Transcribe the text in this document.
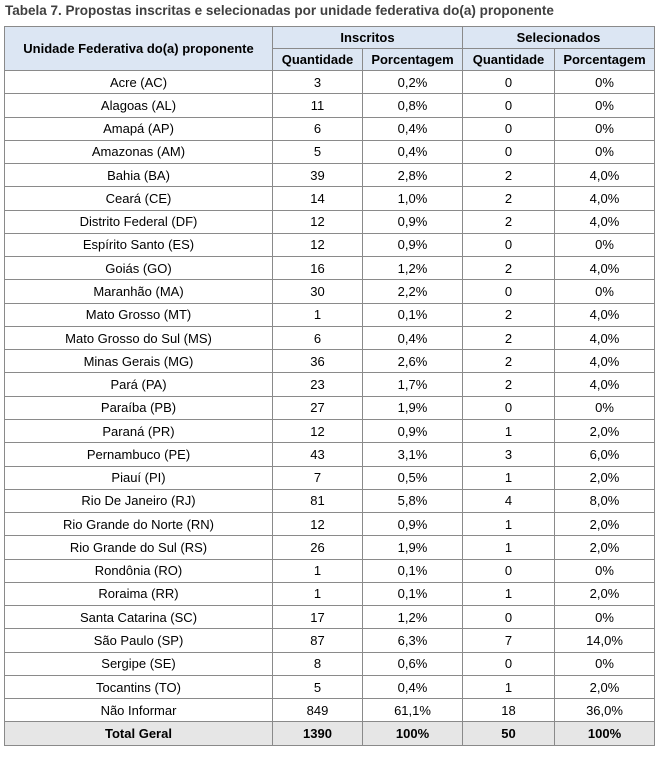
Tabela 7. Propostas inscritas e selecionadas por unidade federativa do(a) proponente
Unidade Federativa do(a) proponente	Inscritos		Selecionados	
	Quantidade	Porcentagem	Quantidade	Porcentagem
Acre (AC)	3	0,2%	0	0%
Alagoas (AL)	11	0,8%	0	0%
Amapá (AP)	6	0,4%	0	0%
Amazonas (AM)	5	0,4%	0	0%
Bahia (BA)	39	2,8%	2	4,0%
Ceará (CE)	14	1,0%	2	4,0%
Distrito Federal (DF)	12	0,9%	2	4,0%
Espírito Santo (ES)	12	0,9%	0	0%
Goiás (GO)	16	1,2%	2	4,0%
Maranhão (MA)	30	2,2%	0	0%
Mato Grosso (MT)	1	0,1%	2	4,0%
Mato Grosso do Sul (MS)	6	0,4%	2	4,0%
Minas Gerais (MG)	36	2,6%	2	4,0%
Pará (PA)	23	1,7%	2	4,0%
Paraíba (PB)	27	1,9%	0	0%
Paraná (PR)	12	0,9%	1	2,0%
Pernambuco (PE)	43	3,1%	3	6,0%
Piauí (PI)	7	0,5%	1	2,0%
Rio De Janeiro (RJ)	81	5,8%	4	8,0%
Rio Grande do Norte (RN)	12	0,9%	1	2,0%
Rio Grande do Sul (RS)	26	1,9%	1	2,0%
Rondônia (RO)	1	0,1%	0	0%
Roraima (RR)	1	0,1%	1	2,0%
Santa Catarina (SC)	17	1,2%	0	0%
São Paulo (SP)	87	6,3%	7	14,0%
Sergipe (SE)	8	0,6%	0	0%
Tocantins (TO)	5	0,4%	1	2,0%
Não Informar	849	61,1%	18	36,0%
Total Geral	1390	100%	50	100%
